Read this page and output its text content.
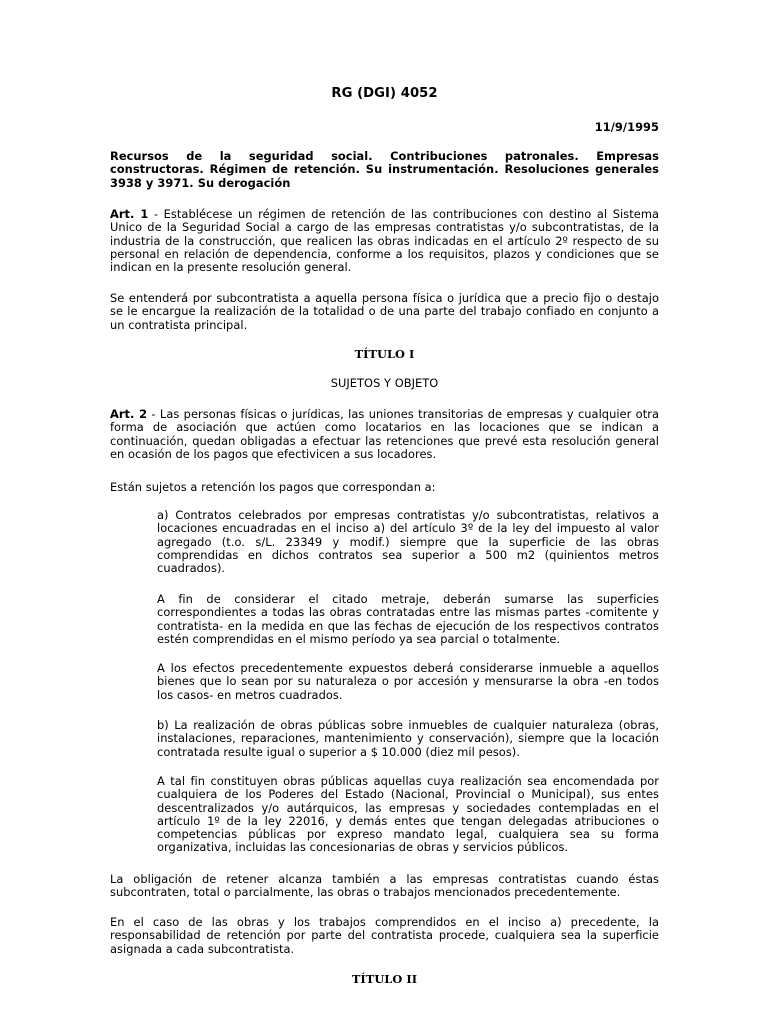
RG (DGI) 4052
11/9/1995
Recursos de la seguridad social. Contribuciones patronales. Empresas constructoras. Régimen de retención. Su instrumentación. Resoluciones generales 3938 y 3971. Su derogación

Art. 1 - Establécese un régimen de retención de las contribuciones con destino al Sistema Unico de la Seguridad Social a cargo de las empresas contratistas y/o subcontratistas, de la industria de la construcción, que realicen las obras indicadas en el artículo 2º respecto de su personal en relación de dependencia, conforme a los requisitos, plazos y condiciones que se indican en la presente resolución general.

Se entenderá por subcontratista a aquella persona física o jurídica que a precio fijo o destajo se le encargue la realización de la totalidad o de una parte del trabajo confiado en conjunto a un contratista principal.

TÍTULO I

SUJETOS Y OBJETO

Art. 2 - Las personas físicas o jurídicas, las uniones transitorias de empresas y cualquier otra forma de asociación que actúen como locatarios en las locaciones que se indican a continuación, quedan obligadas a efectuar las retenciones que prevé esta resolución general en ocasión de los pagos que efectivicen a sus locadores.

Están sujetos a retención los pagos que correspondan a:

a) Contratos celebrados por empresas contratistas y/o subcontratistas, relativos a locaciones encuadradas en el inciso a) del artículo 3º de la ley del impuesto al valor agregado (t.o. s/L. 23349 y modif.) siempre que la superficie de las obras comprendidas en dichos contratos sea superior a 500 m2 (quinientos metros cuadrados).

A fin de considerar el citado metraje, deberán sumarse las superficies correspondientes a todas las obras contratadas entre las mismas partes -comitente y contratista- en la medida en que las fechas de ejecución de los respectivos contratos estén comprendidas en el mismo período ya sea parcial o totalmente.

A los efectos precedentemente expuestos deberá considerarse inmueble a aquellos bienes que lo sean por su naturaleza o por accesión y mensurarse la obra -en todos los casos- en metros cuadrados.

b) La realización de obras públicas sobre inmuebles de cualquier naturaleza (obras, instalaciones, reparaciones, mantenimiento y conservación), siempre que la locación contratada resulte igual o superior a $ 10.000 (diez mil pesos).

A tal fin constituyen obras públicas aquellas cuya realización sea encomendada por cualquiera de los Poderes del Estado (Nacional, Provincial o Municipal), sus entes descentralizados y/o autárquicos, las empresas y sociedades contempladas en el artículo 1º de la ley 22016, y demás entes que tengan delegadas atribuciones o competencias públicas por expreso mandato legal, cualquiera sea su forma organizativa, incluidas las concesionarias de obras y servicios públicos.

La obligación de retener alcanza también a las empresas contratistas cuando éstas subcontraten, total o parcialmente, las obras o trabajos mencionados precedentemente.

En el caso de las obras y los trabajos comprendidos en el inciso a) precedente, la responsabilidad de retención por parte del contratista procede, cualquiera sea la superficie asignada a cada subcontratista.

TÍTULO II
